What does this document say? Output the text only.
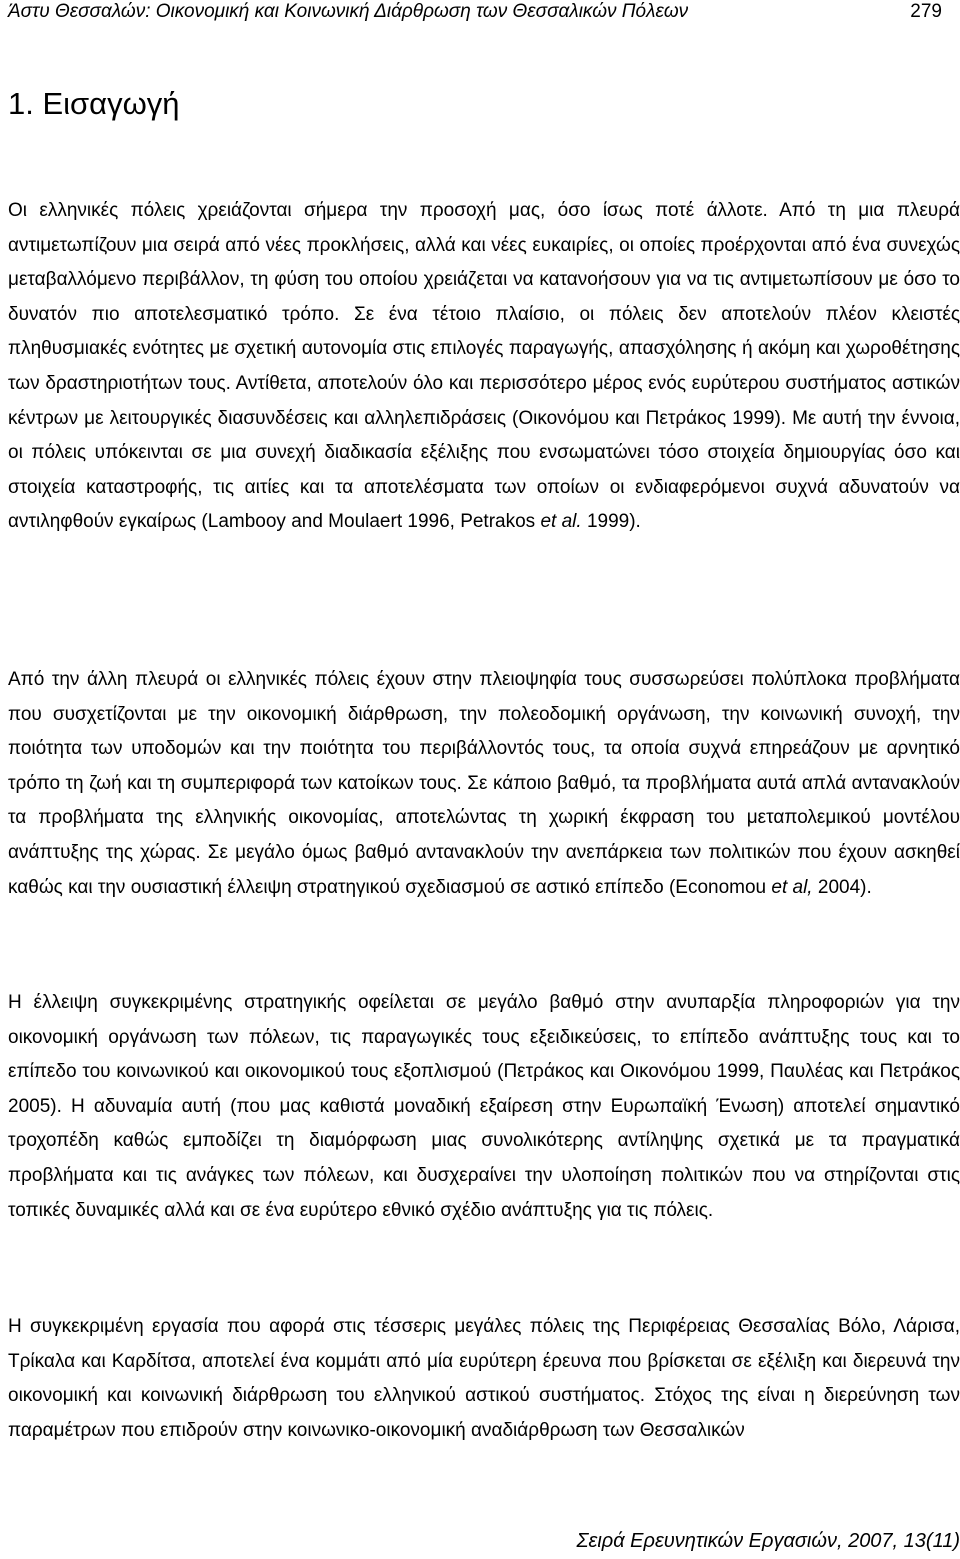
Άστυ Θεσσαλών: Οικονομική και Κοινωνική Διάρθρωση των Θεσσαλικών Πόλεων	279
1. Εισαγωγή

Οι ελληνικές πόλεις χρειάζονται σήμερα την προσοχή μας, όσο ίσως ποτέ άλλοτε. Από τη μια πλευρά αντιμετωπίζουν μια σειρά από νέες προκλήσεις, αλλά και νέες ευκαιρίες, οι οποίες προέρχονται από ένα συνεχώς μεταβαλλόμενο περιβάλλον, τη φύση του οποίου χρειάζεται να κατανοήσουν για να τις αντιμετωπίσουν με όσο το δυνατόν πιο αποτελεσματικό τρόπο. Σε ένα τέτοιο πλαίσιο, οι πόλεις δεν αποτελούν πλέον κλειστές πληθυσμιακές ενότητες με σχετική αυτονομία στις επιλογές παραγωγής, απασχόλησης ή ακόμη και χωροθέτησης των δραστηριοτήτων τους. Αντίθετα, αποτελούν όλο και περισσότερο μέρος ενός ευρύτερου συστήματος αστικών κέντρων με λειτουργικές διασυνδέσεις και αλληλεπιδράσεις (Οικονόμου και Πετράκος 1999). Με αυτή την έννοια, οι πόλεις υπόκεινται σε μια συνεχή διαδικασία εξέλιξης που ενσωματώνει τόσο στοιχεία δημιουργίας όσο και στοιχεία καταστροφής, τις αιτίες και τα αποτελέσματα των οποίων οι ενδιαφερόμενοι συχνά αδυνατούν να αντιληφθούν εγκαίρως (Lambooy and Moulaert 1996, Petrakos et al. 1999).

Από την άλλη πλευρά οι ελληνικές πόλεις έχουν στην πλειοψηφία τους συσσωρεύσει πολύπλοκα προβλήματα που συσχετίζονται με την οικονομική διάρθρωση, την πολεοδομική οργάνωση, την κοινωνική συνοχή, την ποιότητα των υποδομών και την ποιότητα του περιβάλλοντός τους, τα οποία συχνά επηρεάζουν με αρνητικό τρόπο τη ζωή και τη συμπεριφορά των κατοίκων τους. Σε κάποιο βαθμό, τα προβλήματα αυτά απλά αντανακλούν τα προβλήματα της ελληνικής οικονομίας, αποτελώντας τη χωρική έκφραση του μεταπολεμικού μοντέλου ανάπτυξης της χώρας. Σε μεγάλο όμως βαθμό αντανακλούν την ανεπάρκεια των πολιτικών που έχουν ασκηθεί καθώς και την ουσιαστική έλλειψη στρατηγικού σχεδιασμού σε αστικό επίπεδο (Economou et al, 2004).

Η έλλειψη συγκεκριμένης στρατηγικής οφείλεται σε μεγάλο βαθμό στην ανυπαρξία πληροφοριών για την οικονομική οργάνωση των πόλεων, τις παραγωγικές τους εξειδικεύσεις, το επίπεδο ανάπτυξης τους και το επίπεδο του κοινωνικού και οικονομικού τους εξοπλισμού (Πετράκος και Οικονόμου 1999, Παυλέας και Πετράκος 2005). Η αδυναμία αυτή (που μας καθιστά μοναδική εξαίρεση στην Ευρωπαϊκή Ένωση) αποτελεί σημαντικό τροχοπέδη καθώς εμποδίζει τη διαμόρφωση μιας συνολικότερης αντίληψης σχετικά με τα πραγματικά προβλήματα και τις ανάγκες των πόλεων, και δυσχεραίνει την υλοποίηση πολιτικών που να στηρίζονται στις τοπικές δυναμικές αλλά και σε ένα ευρύτερο εθνικό σχέδιο ανάπτυξης για τις πόλεις.

Η συγκεκριμένη εργασία που αφορά στις τέσσερις μεγάλες πόλεις της Περιφέρειας Θεσσαλίας Βόλο, Λάρισα, Τρίκαλα και Καρδίτσα, αποτελεί ένα κομμάτι από μία ευρύτερη έρευνα που βρίσκεται σε εξέλιξη και διερευνά την οικονομική και κοινωνική διάρθρωση του ελληνικού αστικού συστήματος. Στόχος της είναι η διερεύνηση των παραμέτρων που επιδρούν στην κοινωνικο-οικονομική αναδιάρθρωση των Θεσσαλικών

Σειρά Ερευνητικών Εργασιών, 2007, 13(11)
